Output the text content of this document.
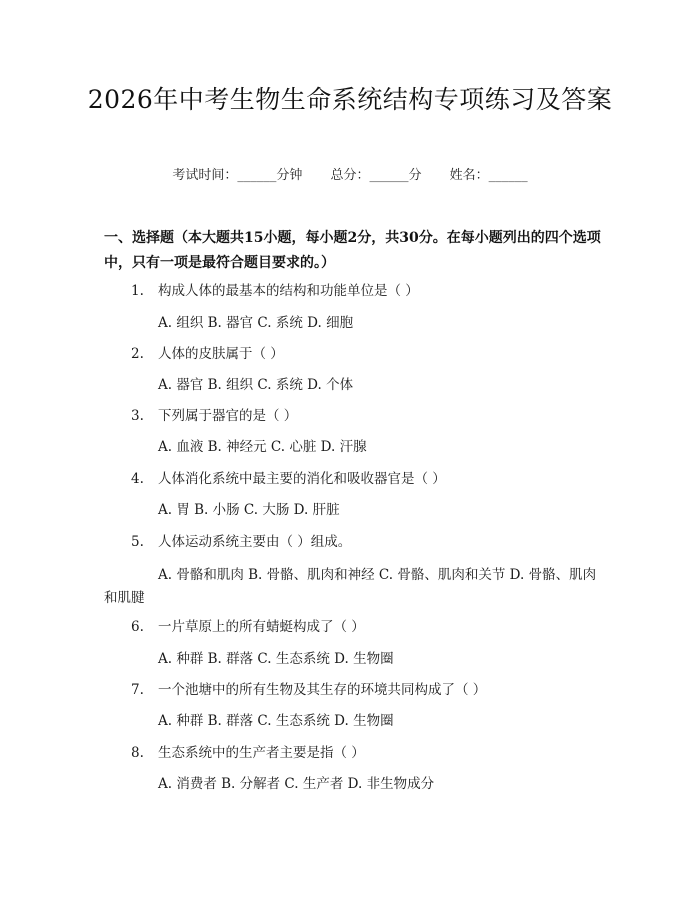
2026年中考生物生命系统结构专项练习及答案
考试时间：______分钟 总分：______分 姓名：______
一、选择题（本大题共15小题，每小题2分，共30分。在每小题列出的四个选项中，只有一项是最符合题目要求的。）
1. 构成人体的最基本的结构和功能单位是（ ）
A. 组织 B. 器官 C. 系统 D. 细胞
2. 人体的皮肤属于（ ）
A. 器官 B. 组织 C. 系统 D. 个体
3. 下列属于器官的是（ ）
A. 血液 B. 神经元 C. 心脏 D. 汗腺
4. 人体消化系统中最主要的消化和吸收器官是（ ）
A. 胃 B. 小肠 C. 大肠 D. 肝脏
5. 人体运动系统主要由（ ）组成。
A. 骨骼和肌肉 B. 骨骼、肌肉和神经 C. 骨骼、肌肉和关节 D. 骨骼、肌肉和肌腱
6. 一片草原上的所有蜻蜓构成了（ ）
A. 种群 B. 群落 C. 生态系统 D. 生物圈
7. 一个池塘中的所有生物及其生存的环境共同构成了（ ）
A. 种群 B. 群落 C. 生态系统 D. 生物圈
8. 生态系统中的生产者主要是指（ ）
A. 消费者 B. 分解者 C. 生产者 D. 非生物成分
